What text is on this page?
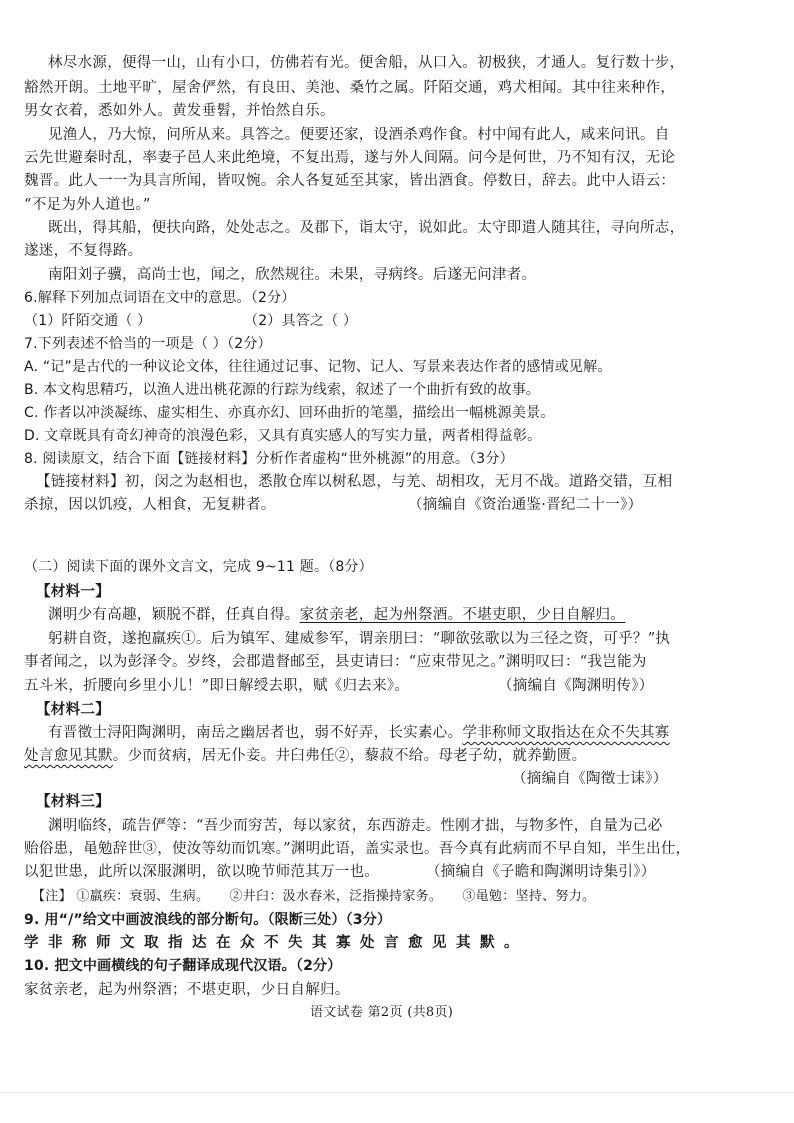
林尽水源，便得一山，山有小口，仿佛若有光。便舍船，从口入。初极狭，才通人。复行数十步，
豁然开朗。土地平旷，屋舍俨然，有良田、美池、桑竹之属。阡陌交通，鸡犬相闻。其中往来种作，
男女衣着，悉如外人。黄发垂髫，并怡然自乐。
见渔人，乃大惊，问所从来。具答之。便要还家，设酒杀鸡作食。村中闻有此人，咸来问讯。自
云先世避秦时乱，率妻子邑人来此绝境，不复出焉，遂与外人间隔。问今是何世，乃不知有汉，无论
魏晋。此人一一为具言所闻，皆叹惋。余人各复延至其家，皆出酒食。停数日，辞去。此中人语云：
“不足为外人道也。”
既出，得其船，便扶向路，处处志之。及郡下，诣太守，说如此。太守即遣人随其往，寻向所志，
遂迷，不复得路。
南阳刘子骥，高尚士也，闻之，欣然规往。未果，寻病终。后遂无问津者。
6.解释下列加点词语在文中的意思。（2分）
（1）阡陌交通（ ）	（2）具答之（ ）
7.下列表述不恰当的一项是（ ）（2分）
A. “记”是古代的一种议论文体，往往通过记事、记物、记人、写景来表达作者的感情或见解。
B. 本文构思精巧，以渔人进出桃花源的行踪为线索，叙述了一个曲折有致的故事。
C. 作者以冲淡凝练、虚实相生、亦真亦幻、回环曲折的笔墨，描绘出一幅桃源美景。
D. 文章既具有奇幻神奇的浪漫色彩，又具有真实感人的写实力量，两者相得益彰。
8. 阅读原文，结合下面【链接材料】分析作者虚构“世外桃源”的用意。（3分）
【链接材料】初，闵之为赵相也，悉散仓库以树私恩，与羌、胡相攻，无月不战。道路交错，互相
杀掠，因以饥疫，人相食，无复耕者。	（摘编自《资治通鉴·晋纪二十一》）
（二）阅读下面的课外文言文，完成 9~11 题。（8分）
【材料一】
渊明少有高趣，颖脱不群，任真自得。家贫亲老，起为州祭酒。不堪吏职，少日自解归。
躬耕自资，遂抱羸疾①。后为镇军、建威参军，谓亲朋曰：“聊欲弦歌以为三径之资，可乎？”执
事者闻之，以为彭泽令。岁终，会郡遣督邮至，县吏请曰：“应束带见之。”渊明叹曰：“我岂能为
五斗米，折腰向乡里小儿！”即日解绶去职，赋《归去来》。	（摘编自《陶渊明传》）
【材料二】
有晋徵士浔阳陶渊明，南岳之幽居者也，弱不好弄，长实素心。学非称师文取指达在众不失其寡
处言愈见其默。少而贫病，居无仆妾。井臼弗任②，藜菽不给。母老子幼，就养勤匮。
（摘编自《陶徵士诔》）
【材料三】
渊明临终，疏告俨等：“吾少而穷苦，每以家贫，东西游走。性刚才拙，与物多忤，自量为己必
贻俗患，黾勉辞世③，使汝等幼而饥寒。”渊明此语，盖实录也。吾今真有此病而不早自知，半生出仕，
以犯世患，此所以深服渊明，欲以晚节师范其万一也。	（摘编自《子瞻和陶渊明诗集引》）
【注】 ①羸疾：衰弱、生病。　　②井臼：汲水舂米，泛指操持家务。　　③黾勉：坚持、努力。
9. 用“/”给文中画波浪线的部分断句。（限断三处）（3分）
学非称师文取指达在众不失其寡处言愈见其默。
10. 把文中画横线的句子翻译成现代汉语。（2分）
家贫亲老，起为州祭酒；不堪吏职，少日自解归。
语文试卷 第2页 (共8页)
